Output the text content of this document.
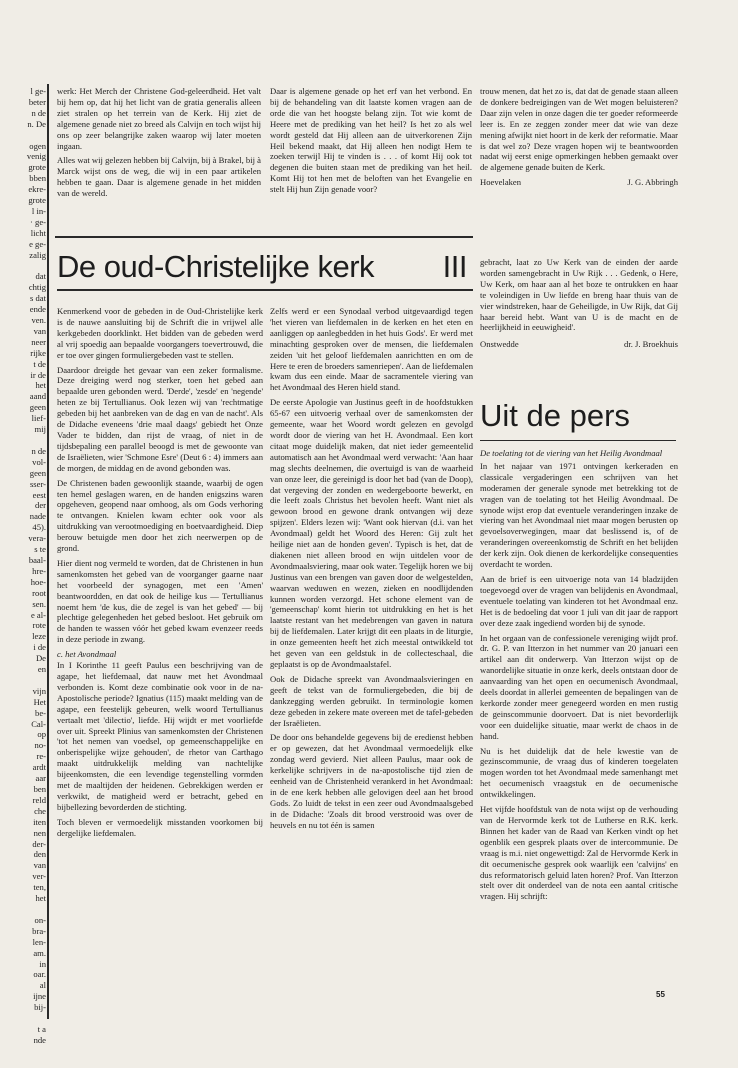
l ge-
beter
n de
n. De

ogen
venig
grote
bben
ekre-
grote
l in-
· ge-
licht
e ge-
zalig

dat
chtig
s dat
ende
ven.
van
neer
rijke
t de
ir de
het
aand
geen
lief-
mij

n de
vol-
geen
sser-
eest
der
nade
45).
vera-
s te
baal-
hre-
hoe-
root
sen.
e al-
rote
leze
i de
De
en

vijn
Het
be-
Cal-
op
no-
re-
ardt
aar
ben
reld
che
iten
nen
der-
den
van
ver-
ten,
het

on-
bra-
len-
am.
in
oar.
al
ijne
bij-

t a
nde

werk: Het Merch der Christene God-geleerdheid. Het valt bij hem op, dat hij het licht van de gratia generalis alleen ziet stralen op het terrein van de Kerk. Hij ziet de algemene genade niet zo breed als Calvijn en toch wijst hij ons op zeer belangrijke zaken waarop wij later moeten ingaan.

Alles wat wij gelezen hebben bij Calvijn, bij à Brakel, bij à Marck wijst ons de weg, die wij in een paar artikelen hebben te gaan. Daar is algemene genade in het midden van de wereld.

Daar is algemene genade op het erf van het verbond. En bij de behandeling van dit laatste komen vragen aan de orde die van het hoogste belang zijn. Tot wie komt de Heere met de prediking van het heil? Is het zo als wel wordt gesteld dat Hij alleen aan de uitverkorenen Zijn Heil bekend maakt, dat Hij alleen hen nodigt Hem te zoeken terwijl Hij te vinden is . . . of komt Hij ook tot degenen die buiten staan met de prediking van het heil. Komt Hij tot hen met de beloften van het Evangelie en stelt Hij hun Zijn genade voor?

trouw menen, dat het zo is, dat dat de genade staan alleen de donkere bedreigingen van de Wet mogen beluisteren? Daar zijn velen in onze dagen die ter goeder reformeerde leer is. En ze zeggen zonder meer dat wie van deze mening afwijkt niet hoort in de kerk der reformatie. Maar is dat wel zo? Deze vragen hopen wij te beantwoorden nadat wij eerst enige opmerkingen hebben gemaakt over de algemene genade buiten de Kerk.

Hoevelaken	J. G. Abbringh
De oud-Christelijke kerk III

Kenmerkend voor de gebeden in de Oud-Christelijke kerk is de nauwe aansluiting bij de Schrift die in vrijwel alle kerkgebeden doorklinkt. Het bidden van de gebeden werd al vrij spoedig aan bepaalde voorgangers toevertrouwd, die er toe over gingen formuliergebeden vast te stellen.

Daardoor dreigde het gevaar van een zeker formalisme. Deze dreiging werd nog sterker, toen het gebed aan bepaalde uren gebonden werd. 'Derde', 'zesde' en 'negende' heten ze bij Tertullianus. Ook lezen wij van 'rechtmatige gebeden bij het aanbreken van de dag en van de nacht'. Als de Didache eveneens 'drie maal daags' gebiedt het Onze Vader te bidden, dan rijst de vraag, of niet in de tijdsbepaling een parallel beoogd is met de gewoonte van de Israëlieten, wier 'Schmone Esre' (Deut 6 : 4) immers aan de morgen, de middag en de avond gebonden was.

De Christenen baden gewoonlijk staande, waarbij de ogen ten hemel geslagen waren, en de handen enigszins waren opgeheven, geopend naar omhoog, als om Gods verhoring te ontvangen. Knielen kwam echter ook voor als uitdrukking van verootmoediging en boetvaardigheid. Diep berouw betuigde men door het zich neerwerpen op de grond.

Hier dient nog vermeld te worden, dat de Christenen in hun samenkomsten het gebed van de voorganger gaarne naar het voorbeeld der synagogen, met een 'Amen' beantwoordden, en dat ook de heilige kus — Tertullianus noemt hem 'de kus, die de zegel is van het gebed' — bij plechtige gelegenheden het gebed besloot. Het gebruik om de handen te wassen vóór het gebed kwam evenzeer reeds in deze periode in zwang.

c. het Avondmaal

In I Korinthe 11 geeft Paulus een beschrijving van de agape, het liefdemaal, dat nauw met het Avondmaal verbonden is. Komt deze combinatie ook voor in de na-Apostolische periode? Ignatius (115) maakt melding van de agape, een feestelijk gebeuren, welk woord Tertullianus vertaalt met 'dilectio', liefde. Hij wijdt er met voorliefde over uit. Spreekt Plinius van samenkomsten der Christenen 'tot het nemen van voedsel, op gemeenschappelijke en onberispelijke wijze gehouden', de rhetor van Carthago maakt uitdrukkelijk melding van nachtelijke bijeenkomsten, die een levendige tegenstelling vormden met de maaltijden der heidenen. Gebrekkigen werden er verkwikt, de matigheid werd er betracht, gebed en bijbellezing bevorderden de stichting.

Toch bleven er vermoedelijk misstanden voorkomen bij dergelijke liefdemalen.

Zelfs werd er een Synodaal verbod uitgevaardigd tegen 'het vieren van liefdemalen in de kerken en het eten en aanliggen op aanlegbedden in het huis Gods'. Er werd met minachting gesproken over de mensen, die liefdemalen zeiden 'uit het geloof liefdemalen aanrichtten en om de Here te eren de broeders samenriepen'. Aan de liefdemalen kwam dus een einde. Maar de sacramentele viering van het Avondmaal des Heren hield stand.

De eerste Apologie van Justinus geeft in de hoofdstukken 65-67 een uitvoerig verhaal over de samenkomsten der gemeente, waar het Woord wordt gelezen en gevolgd wordt door de viering van het H. Avondmaal. Een kort citaat moge duidelijk maken, dat niet ieder gemeentelid automatisch aan het Avondmaal werd verwacht: 'Aan haar mag slechts deelnemen, die overtuigd is van de waarheid van onze leer, die gereinigd is door het bad (van de Doop), dat vergeving der zonden en wedergeboorte bewerkt, en die leeft zoals Christus het bevolen heeft. Want niet als gewoon brood en gewone drank ontvangen wij deze spijzen'. Elders lezen wij: 'Want ook hiervan (d.i. van het Avondmaal) geldt het Woord des Heren: Gij zult het heilige niet aan de honden geven'. Typisch is het, dat de diakenen niet alleen brood en wijn uitdelen voor de Avondmaalsviering, maar ook water. Tegelijk horen we bij Justinus van een brengen van gaven door de welgestelden, waarvan weduwen en wezen, zieken en noodlijdenden kunnen worden verzorgd. Het schone element van de 'gemeenschap' komt hierin tot uitdrukking en het is het laatste restant van het medebrengen van gaven in natura bij de liefdemalen. Later krijgt dit een plaats in de liturgie, in onze gemeenten heeft het zich meestal ontwikkeld tot het geven van een geldstuk in de collecteschaal, die geplaatst is op de Avondmaalstafel.

Ook de Didache spreekt van Avondmaalsvieringen en geeft de tekst van de formuliergebeden, die bij de dankzegging werden gebruikt. In terminologie komen deze gebeden in zekere mate overeen met de tafel-gebeden der Israëlieten.

De door ons behandelde gegevens bij de eredienst hebben er op gewezen, dat het Avondmaal vermoedelijk elke zondag werd gevierd. Niet alleen Paulus, maar ook de kerkelijke schrijvers in de na-apostolische tijd zien de eenheid van de Christenheid verankerd in het Avondmaal: in de ene kerk hebben alle gelovigen deel aan het brood Gods. Zo luidt de tekst in een zeer oud Avondmaalsgebed in de Didache: 'Zoals dit brood verstrooid was over de heuvels en nu tot één is samen

gebracht, laat zo Uw Kerk van de einden der aarde worden samengebracht in Uw Rijk . . . Gedenk, o Here, Uw Kerk, om haar aan al het boze te ontrukken en haar te voleindigen in Uw liefde en breng haar thuis van de vier windstreken, haar de Geheiligde, in Uw Rijk, dat Gij haar bereid hebt. Want van U is de macht en de heerlijkheid in eeuwigheid'.

Onstwedde	dr. J. Broekhuis
Uit de pers

De toelating tot de viering van het Heilig Avondmaal

In het najaar van 1971 ontvingen kerkeraden en classicale vergaderingen een schrijven van het moderamen der generale synode met betrekking tot de vragen van de toelating tot het Heilig Avondmaal. De synode wijst erop dat eventuele veranderingen inzake de viering van het Avondmaal niet maar mogen berusten op gevoelsoverwegingen, maar dat beslissend is, of de veranderingen overeenkomstig de Schrift en het belijden der kerk zijn. Ook dienen de kerkordelijke consequenties overdacht te worden.

Aan de brief is een uitvoerige nota van 14 bladzijden toegevoegd over de vragen van belijdenis en Avondmaal, eventuele toelating van kinderen tot het Avondmaal enz. Het is de bedoeling dat voor 1 juli van dit jaar de rapport over deze zaak ingediend worden bij de synode.

In het orgaan van de confessionele vereniging wijdt prof. dr. G. P. van Itterzon in het nummer van 20 januari een artikel aan dit onderwerp. Van Itterzon wijst op de wanordelijke situatie in onze kerk, deels ontstaan door de aanvaarding van het open en oecumenisch Avondmaal, deels doordat in allerlei gemeenten de bepalingen van de kerkorde zonder meer genegeerd worden en men rustig de geinscommunie doorvoert. Dat is niet bevorderlijk voor een duidelijke situatie, maar werkt de chaos in de hand.

Nu is het duidelijk dat de hele kwestie van de gezinscommunie, de vraag dus of kinderen toegelaten mogen worden tot het Avondmaal mede samenhangt met het oecumenisch vraagstuk en de oecumenische ontwikkelingen.

Het vijfde hoofdstuk van de nota wijst op de verhouding van de Hervormde kerk tot de Lutherse en R.K. kerk. Binnen het kader van de Raad van Kerken vindt op het ogenblik een gesprek plaats over de intercommunie. De vraag is m.i. niet ongewettigd: Zal de Hervormde Kerk in dit oecumenische gesprek ook waarlijk een 'calvijns' en dus reformatorisch geluid laten horen? Prof. Van Itterzon stelt over dit onderdeel van de nota een aantal critische vragen. Hij schrijft:

55
